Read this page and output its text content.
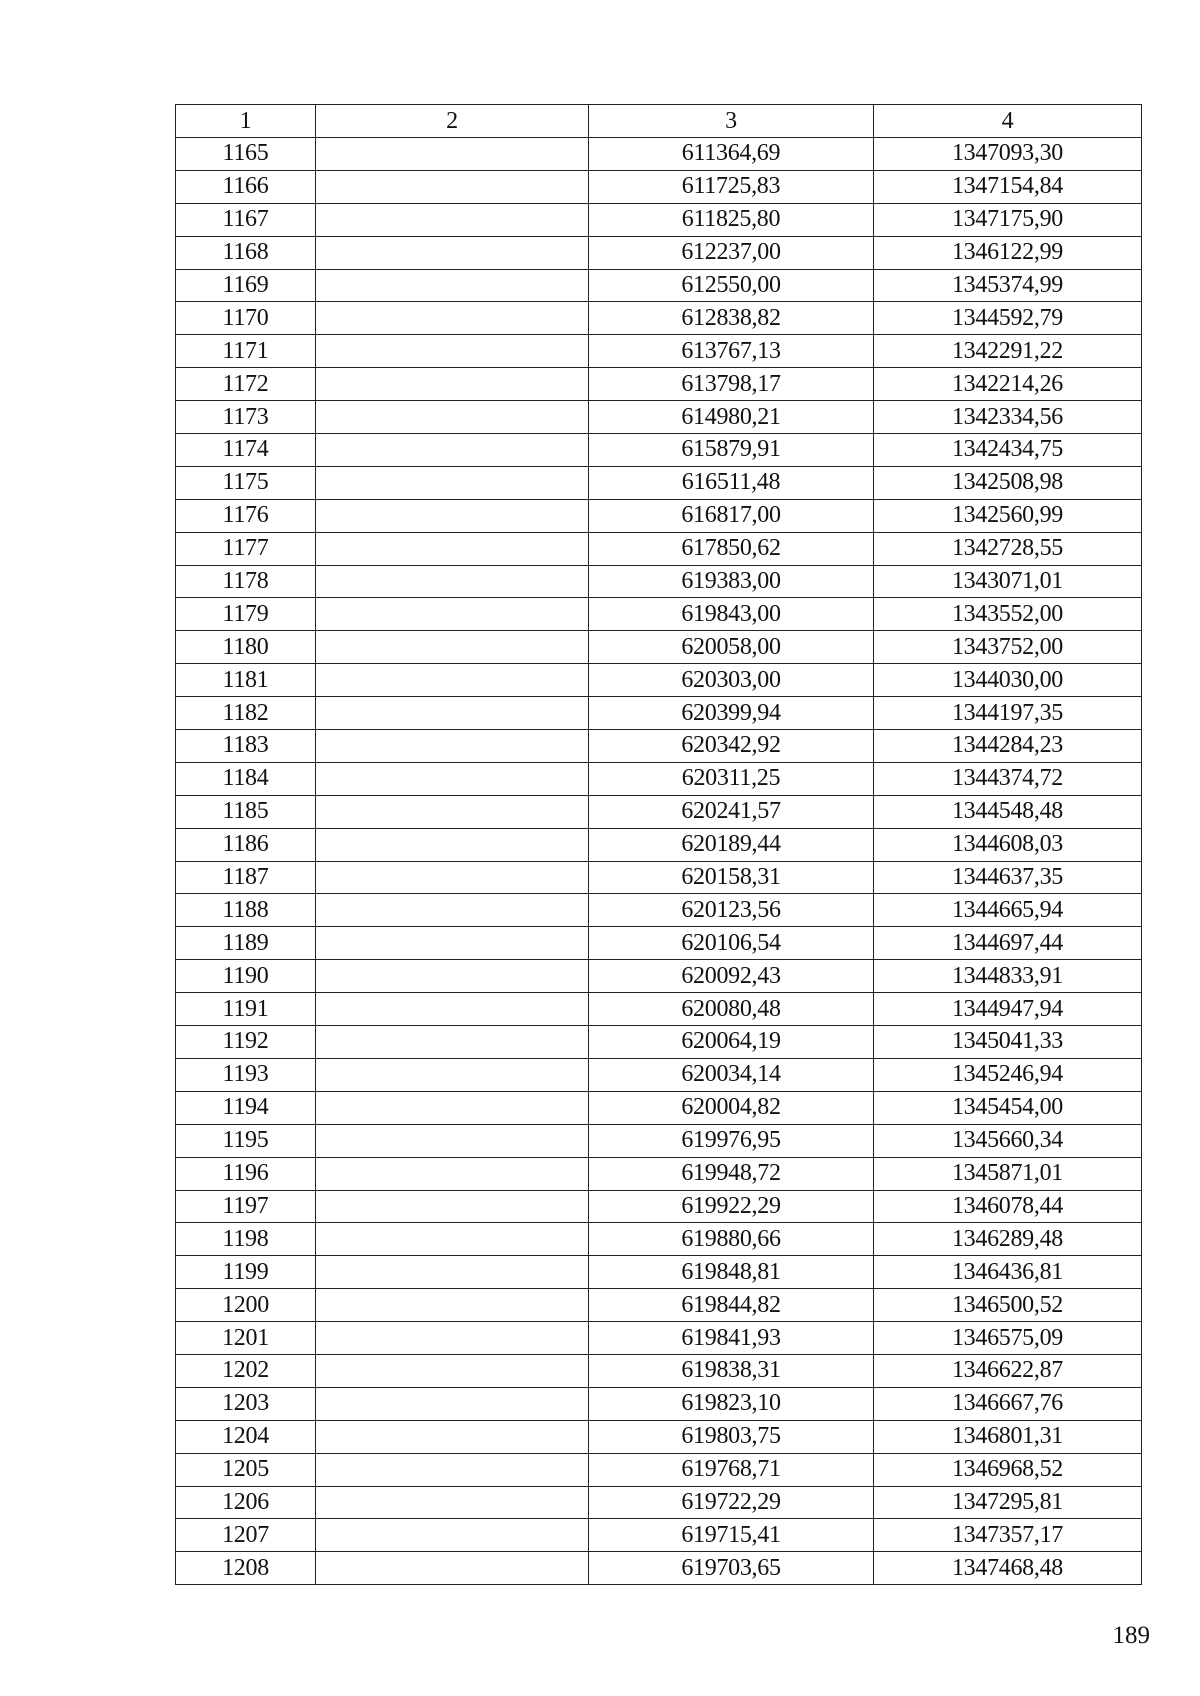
1	2	3	4
1165		611364,69	1347093,30
1166		611725,83	1347154,84
1167		611825,80	1347175,90
1168		612237,00	1346122,99
1169		612550,00	1345374,99
1170		612838,82	1344592,79
1171		613767,13	1342291,22
1172		613798,17	1342214,26
1173		614980,21	1342334,56
1174		615879,91	1342434,75
1175		616511,48	1342508,98
1176		616817,00	1342560,99
1177		617850,62	1342728,55
1178		619383,00	1343071,01
1179		619843,00	1343552,00
1180		620058,00	1343752,00
1181		620303,00	1344030,00
1182		620399,94	1344197,35
1183		620342,92	1344284,23
1184		620311,25	1344374,72
1185		620241,57	1344548,48
1186		620189,44	1344608,03
1187		620158,31	1344637,35
1188		620123,56	1344665,94
1189		620106,54	1344697,44
1190		620092,43	1344833,91
1191		620080,48	1344947,94
1192		620064,19	1345041,33
1193		620034,14	1345246,94
1194		620004,82	1345454,00
1195		619976,95	1345660,34
1196		619948,72	1345871,01
1197		619922,29	1346078,44
1198		619880,66	1346289,48
1199		619848,81	1346436,81
1200		619844,82	1346500,52
1201		619841,93	1346575,09
1202		619838,31	1346622,87
1203		619823,10	1346667,76
1204		619803,75	1346801,31
1205		619768,71	1346968,52
1206		619722,29	1347295,81
1207		619715,41	1347357,17
1208		619703,65	1347468,48
189
